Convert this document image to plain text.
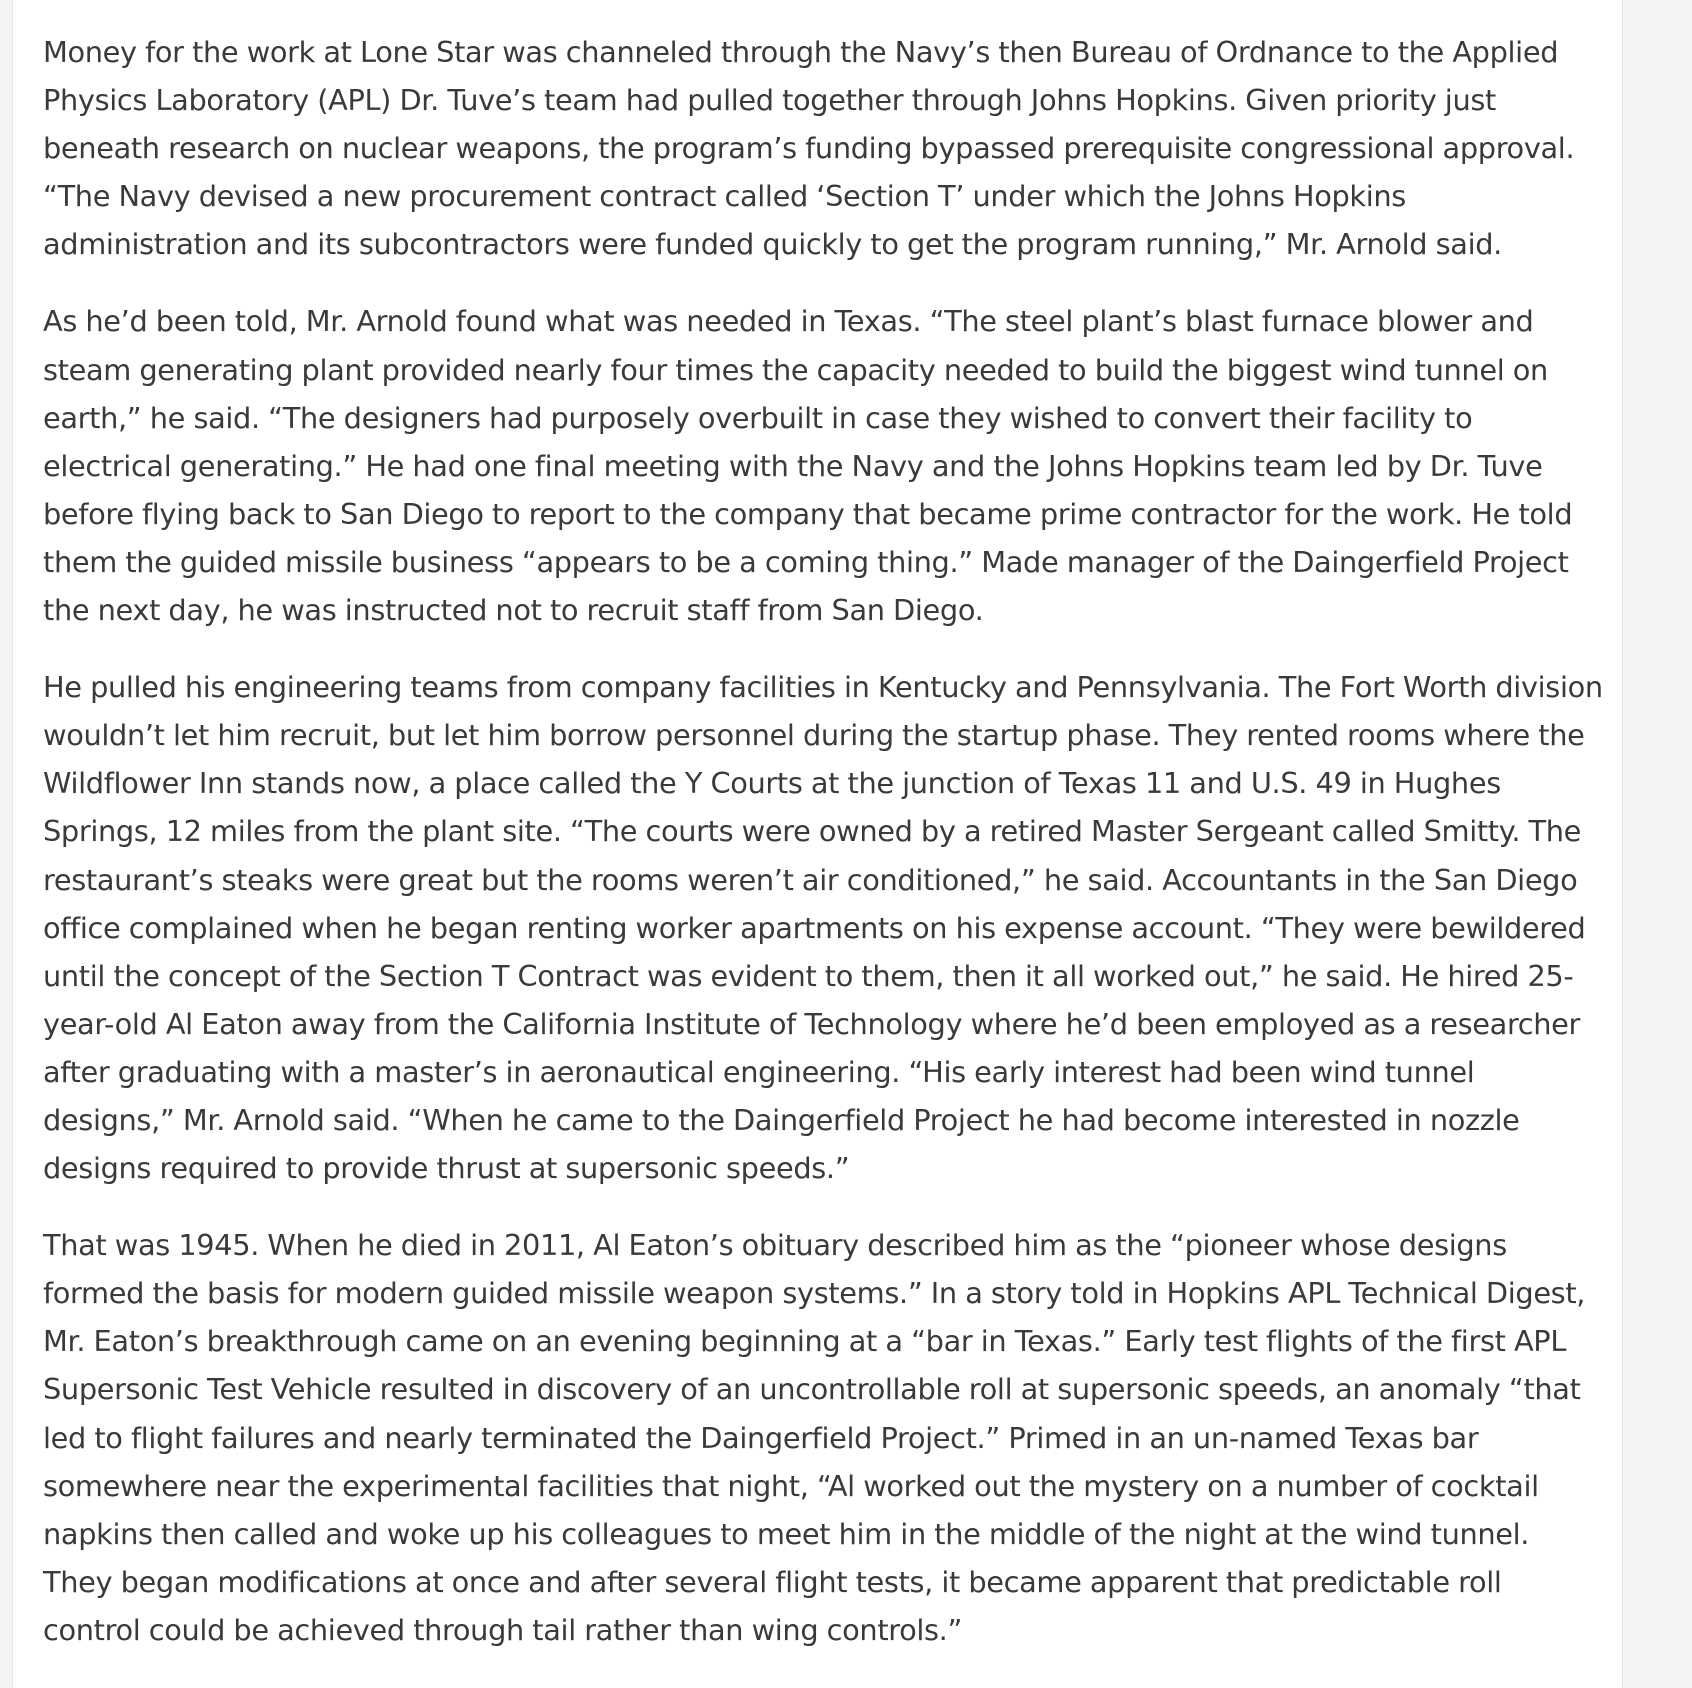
Money for the work at Lone Star was channeled through the Navy’s then Bureau of Ordnance to the Applied Physics Laboratory (APL) Dr. Tuve’s team had pulled together through Johns Hopkins. Given priority just beneath research on nuclear weapons, the program’s funding bypassed prerequisite congressional approval. “The Navy devised a new procurement contract called ‘Section T’ under which the Johns Hopkins administration and its subcontractors were funded quickly to get the program running,” Mr. Arnold said.

As he’d been told, Mr. Arnold found what was needed in Texas. “The steel plant’s blast furnace blower and steam generating plant provided nearly four times the capacity needed to build the biggest wind tunnel on earth,” he said. “The designers had purposely overbuilt in case they wished to convert their facility to electrical generating.” He had one final meeting with the Navy and the Johns Hopkins team led by Dr. Tuve before flying back to San Diego to report to the company that became prime contractor for the work. He told them the guided missile business “appears to be a coming thing.” Made manager of the Daingerfield Project the next day, he was instructed not to recruit staff from San Diego.

He pulled his engineering teams from company facilities in Kentucky and Pennsylvania. The Fort Worth division wouldn’t let him recruit, but let him borrow personnel during the startup phase. They rented rooms where the Wildflower Inn stands now, a place called the Y Courts at the junction of Texas 11 and U.S. 49 in Hughes Springs, 12 miles from the plant site. “The courts were owned by a retired Master Sergeant called Smitty. The restaurant’s steaks were great but the rooms weren’t air conditioned,” he said. Accountants in the San Diego office complained when he began renting worker apartments on his expense account. “They were bewildered until the concept of the Section T Contract was evident to them, then it all worked out,” he said. He hired 25-year-old Al Eaton away from the California Institute of Technology where he’d been employed as a researcher after graduating with a master’s in aeronautical engineering. “His early interest had been wind tunnel designs,” Mr. Arnold said. “When he came to the Daingerfield Project he had become interested in nozzle designs required to provide thrust at supersonic speeds.”

That was 1945. When he died in 2011, Al Eaton’s obituary described him as the “pioneer whose designs formed the basis for modern guided missile weapon systems.” In a story told in Hopkins APL Technical Digest, Mr. Eaton’s breakthrough came on an evening beginning at a “bar in Texas.” Early test flights of the first APL Supersonic Test Vehicle resulted in discovery of an uncontrollable roll at supersonic speeds, an anomaly “that led to flight failures and nearly terminated the Daingerfield Project.” Primed in an un-named Texas bar somewhere near the experimental facilities that night, “Al worked out the mystery on a number of cocktail napkins then called and woke up his colleagues to meet him in the middle of the night at the wind tunnel. They began modifications at once and after several flight tests, it became apparent that predictable roll control could be achieved through tail rather than wing controls.”
